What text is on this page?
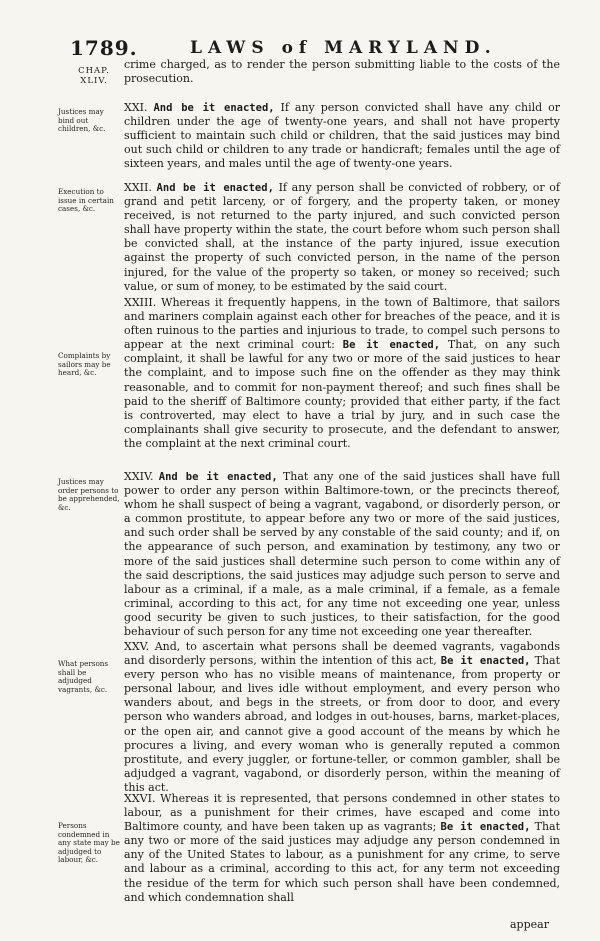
1789.	LAWS of MARYLAND.
CHAP.
XLIV.

crime charged, as to render the person submitting liable to the costs of the prosecution.

Justices may bind out children, &c.

XXI. And be it enacted, If any person convicted shall have any child or children under the age of twenty-one years, and shall not have property sufficient to maintain such child or children, that the said justices may bind out such child or children to any trade or handicraft; females until the age of sixteen years, and males until the age of twenty-one years.

Execution to issue in certain cases, &c.

XXII. And be it enacted, If any person shall be convicted of robbery, or of grand and petit larceny, or of forgery, and the property taken, or money received, is not returned to the party injured, and such convicted person shall have property within the state, the court before whom such person shall be convicted shall, at the instance of the party injured, issue execution against the property of such convicted person, in the name of the person injured, for the value of the property so taken, or money so received; such value, or sum of money, to be estimated by the said court.

Complaints by sailors may be heard, &c.

XXIII. Whereas it frequently happens, in the town of Baltimore, that sailors and mariners complain against each other for breaches of the peace, and it is often ruinous to the parties and injurious to trade, to compel such persons to appear at the next criminal court: Be it enacted, That, on any such complaint, it shall be lawful for any two or more of the said justices to hear the complaint, and to impose such fine on the offender as they may think reasonable, and to commit for non-payment thereof; and such fines shall be paid to the sheriff of Baltimore county; provided that either party, if the fact is controverted, may elect to have a trial by jury, and in such case the complainants shall give security to prosecute, and the defendant to answer, the complaint at the next criminal court.

Justices may order persons to be apprehended, &c.

XXIV. And be it enacted, That any one of the said justices shall have full power to order any person within Baltimore-town, or the precincts thereof, whom he shall suspect of being a vagrant, vagabond, or disorderly person, or a common prostitute, to appear before any two or more of the said justices, and such order shall be served by any constable of the said county; and if, on the appearance of such person, and examination by testimony, any two or more of the said justices shall determine such person to come within any of the said descriptions, the said justices may adjudge such person to serve and labour as a criminal, if a male, as a male criminal, if a female, as a female criminal, according to this act, for any time not exceeding one year, unless good security be given to such justices, to their satisfaction, for the good behaviour of such person for any time not exceeding one year thereafter.

What persons shall be adjudged vagrants, &c.

XXV. And, to ascertain what persons shall be deemed vagrants, vagabonds and disorderly persons, within the intention of this act, Be it enacted, That every person who has no visible means of maintenance, from property or personal labour, and lives idle without employment, and every person who wanders about, and begs in the streets, or from door to door, and every person who wanders abroad, and lodges in out-houses, barns, market-places, or the open air, and cannot give a good account of the means by which he procures a living, and every woman who is generally reputed a common prostitute, and every juggler, or fortune-teller, or common gambler, shall be adjudged a vagrant, vagabond, or disorderly person, within the meaning of this act.

Persons condemned in any state may be adjudged to labour, &c.

XXVI. Whereas it is represented, that persons condemned in other states to labour, as a punishment for their crimes, have escaped and come into Baltimore county, and have been taken up as vagrants; Be it enacted, That any two or more of the said justices may adjudge any person condemned in any of the United States to labour, as a punishment for any crime, to serve and labour as a criminal, according to this act, for any term not exceeding the residue of the term for which such person shall have been condemned, and which condemnation shall

appear
